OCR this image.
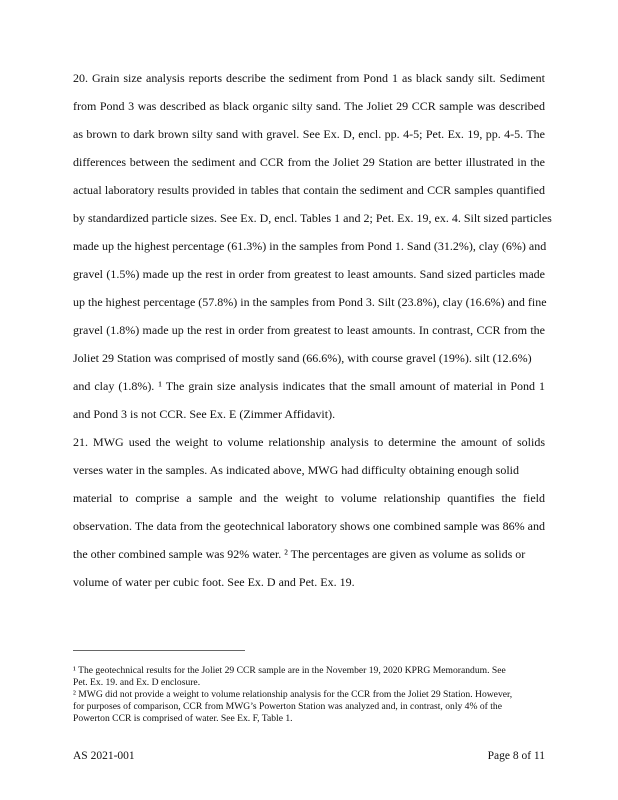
20. Grain size analysis reports describe the sediment from Pond 1 as black sandy silt. Sediment
from Pond 3 was described as black organic silty sand. The Joliet 29 CCR sample was described
as brown to dark brown silty sand with gravel. See Ex. D, encl. pp. 4-5; Pet. Ex. 19, pp. 4-5. The
differences between the sediment and CCR from the Joliet 29 Station are better illustrated in the
actual laboratory results provided in tables that contain the sediment and CCR samples quantified
by standardized particle sizes. See Ex. D, encl. Tables 1 and 2; Pet. Ex. 19, ex. 4. Silt sized particles
made up the highest percentage (61.3%) in the samples from Pond 1. Sand (31.2%), clay (6%) and
gravel (1.5%) made up the rest in order from greatest to least amounts. Sand sized particles made
up the highest percentage (57.8%) in the samples from Pond 3. Silt (23.8%), clay (16.6%) and fine
gravel (1.8%) made up the rest in order from greatest to least amounts. In contrast, CCR from the
Joliet 29 Station was comprised of mostly sand (66.6%), with course gravel (19%). silt (12.6%)
and clay (1.8%). ¹ The grain size analysis indicates that the small amount of material in Pond 1
and Pond 3 is not CCR. See Ex. E (Zimmer Affidavit).
21. MWG used the weight to volume relationship analysis to determine the amount of solids
verses water in the samples. As indicated above, MWG had difficulty obtaining enough solid
material to comprise a sample and the weight to volume relationship quantifies the field
observation. The data from the geotechnical laboratory shows one combined sample was 86% and
the other combined sample was 92% water. ² The percentages are given as volume as solids or
volume of water per cubic foot. See Ex. D and Pet. Ex. 19.
¹ The geotechnical results for the Joliet 29 CCR sample are in the November 19, 2020 KPRG Memorandum. See
Pet. Ex. 19. and Ex. D enclosure.
² MWG did not provide a weight to volume relationship analysis for the CCR from the Joliet 29 Station. However,
for purposes of comparison, CCR from MWG’s Powerton Station was analyzed and, in contrast, only 4% of the
Powerton CCR is comprised of water. See Ex. F, Table 1.
AS 2021-001	Page 8 of 11
